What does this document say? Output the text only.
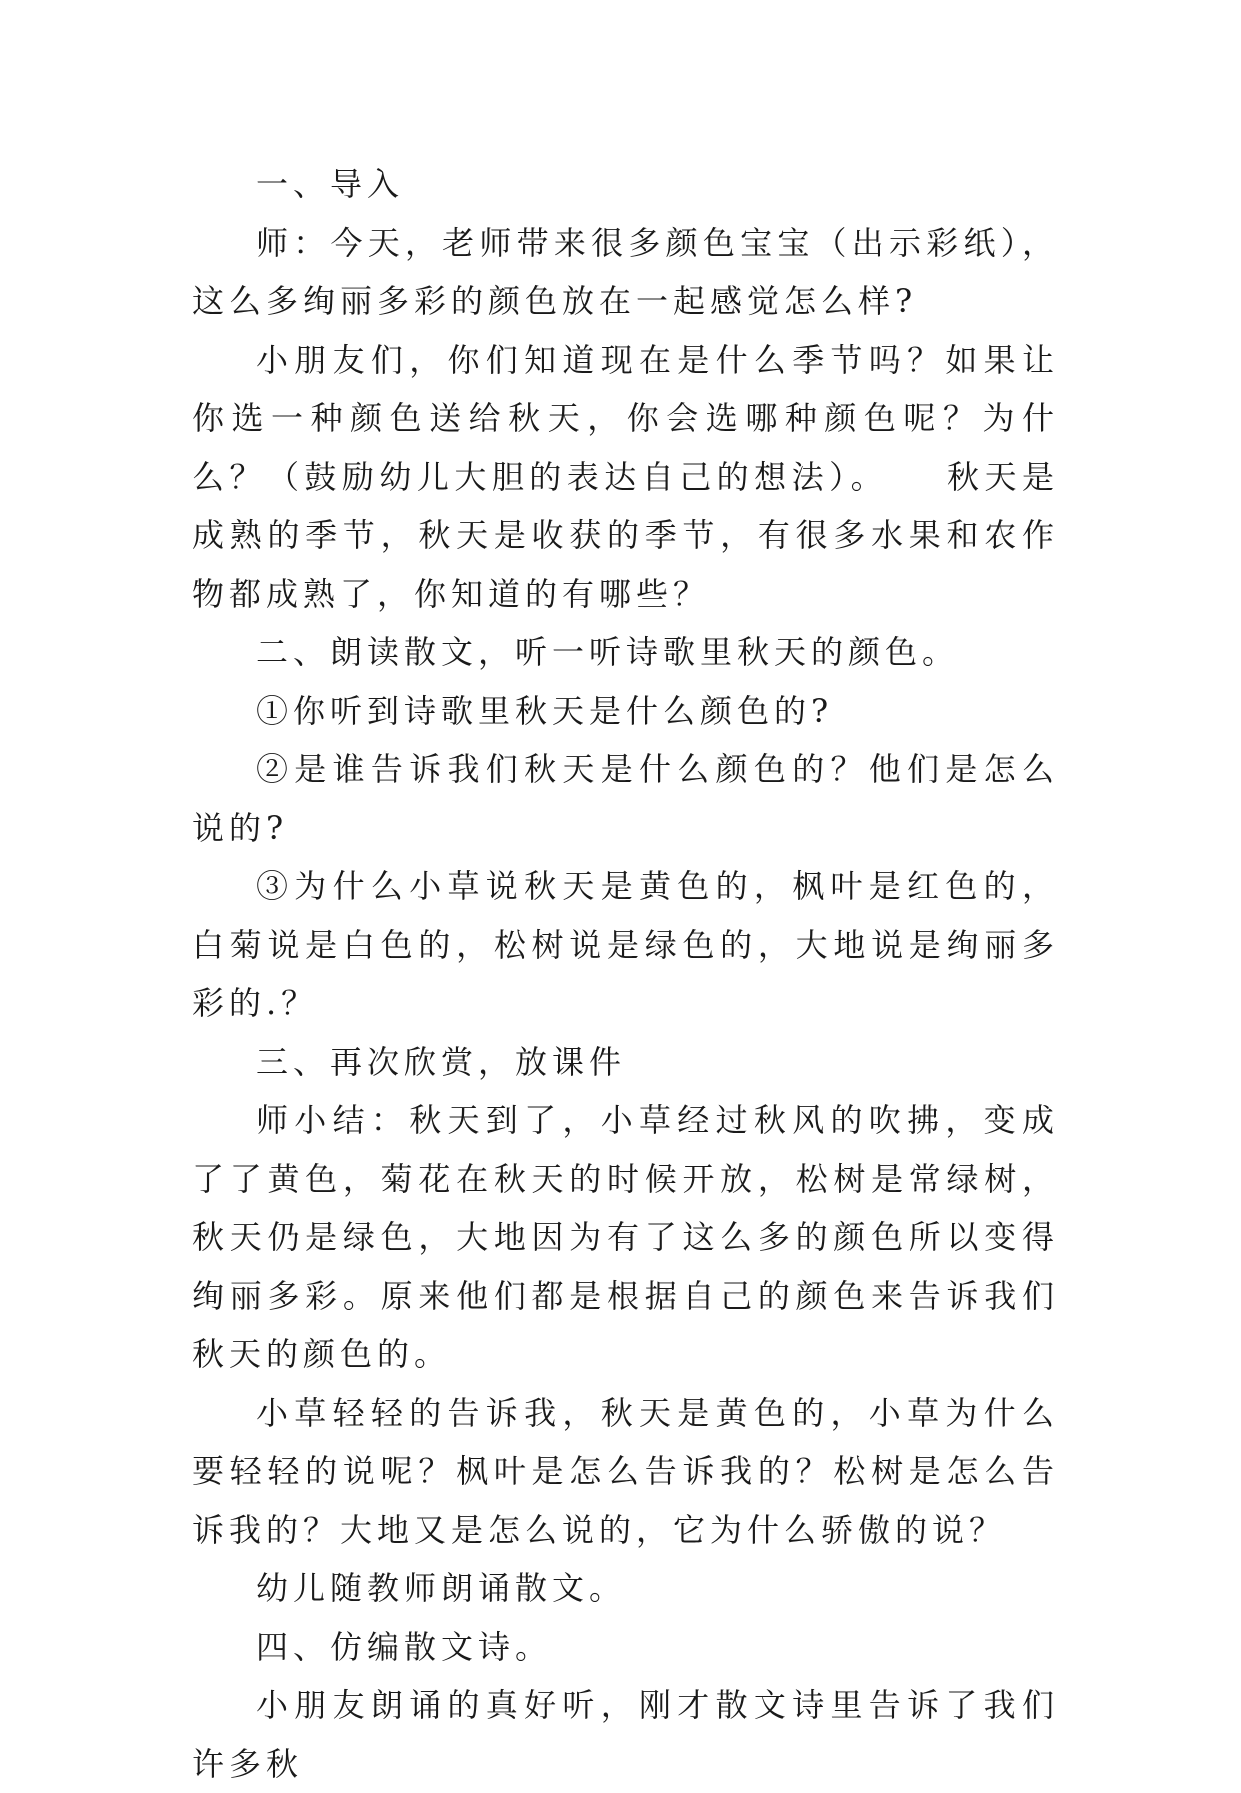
一、导入

师：今天，老师带来很多颜色宝宝（出示彩纸），这么多绚丽多彩的颜色放在一起感觉怎么样?

小朋友们，你们知道现在是什么季节吗？如果让你选一种颜色送给秋天，你会选哪种颜色呢？为什么？（鼓励幼儿大胆的表达自己的想法）。　　秋天是成熟的季节，秋天是收获的季节，有很多水果和农作物都成熟了，你知道的有哪些？

二、朗读散文，听一听诗歌里秋天的颜色。

①你听到诗歌里秋天是什么颜色的?

②是谁告诉我们秋天是什么颜色的？他们是怎么说的?

③为什么小草说秋天是黄色的，枫叶是红色的，白菊说是白色的，松树说是绿色的，大地说是绚丽多彩的.？

三、再次欣赏，放课件

师小结：秋天到了，小草经过秋风的吹拂，变成了了黄色，菊花在秋天的时候开放，松树是常绿树，秋天仍是绿色，大地因为有了这么多的颜色所以变得绚丽多彩。原来他们都是根据自己的颜色来告诉我们秋天的颜色的。

小草轻轻的告诉我，秋天是黄色的，小草为什么要轻轻的说呢？枫叶是怎么告诉我的？松树是怎么告诉我的？大地又是怎么说的，它为什么骄傲的说？

幼儿随教师朗诵散文。

四、仿编散文诗。

小朋友朗诵的真好听，刚才散文诗里告诉了我们许多秋
